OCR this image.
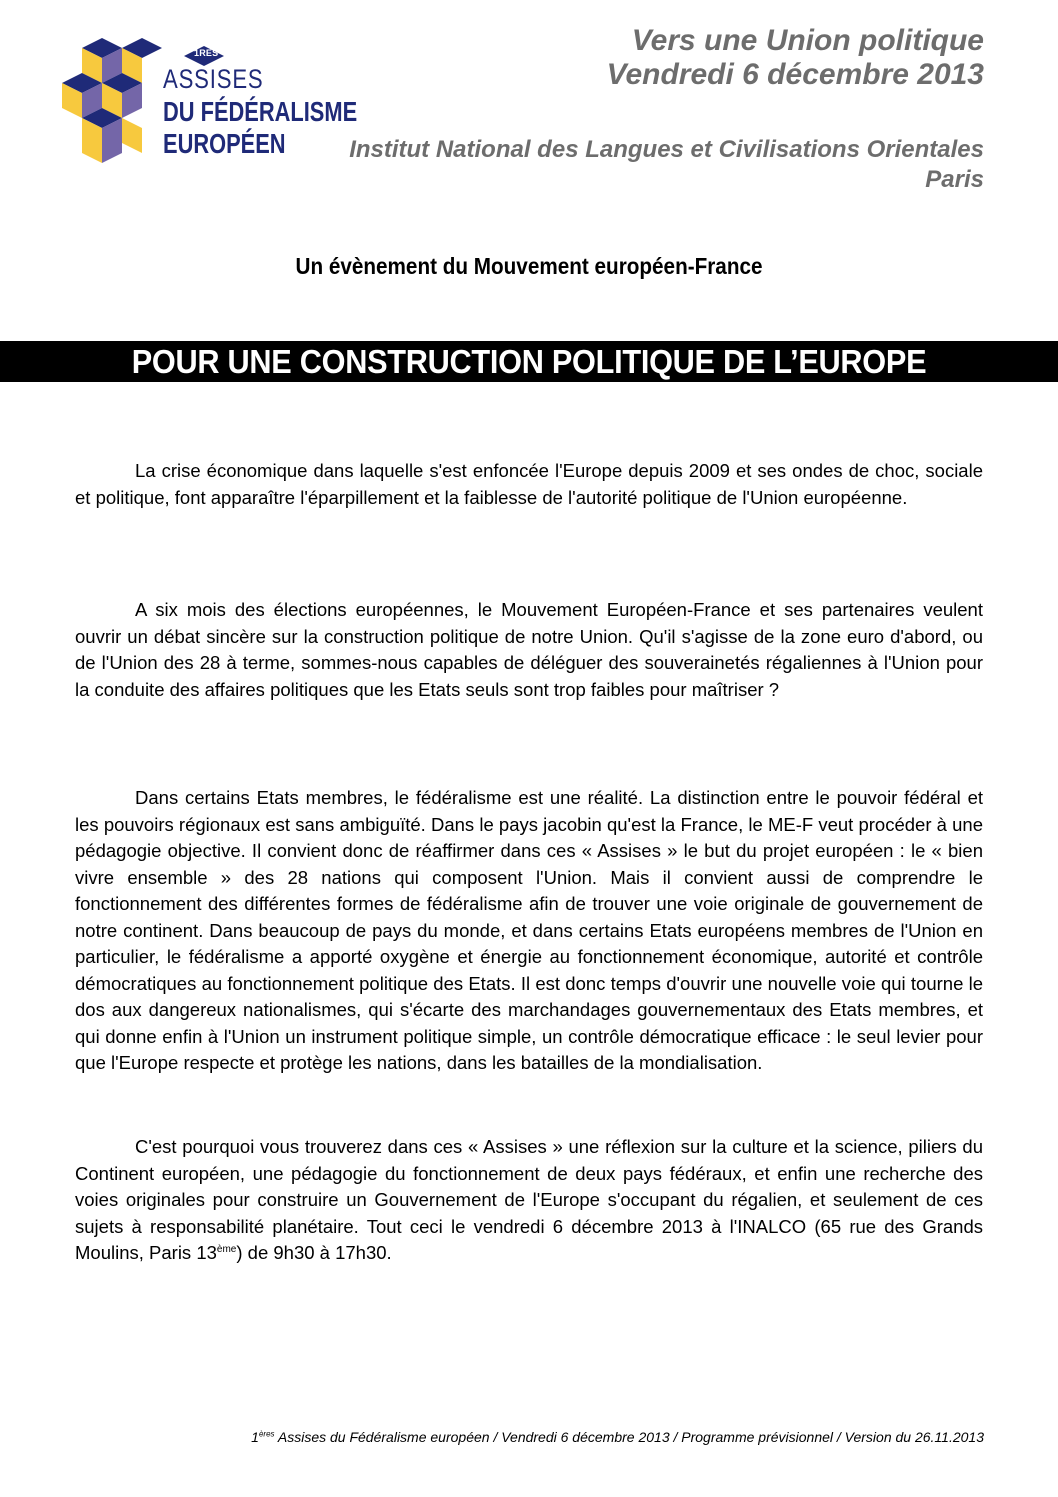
1RES
ASSISES
DU FÉDÉRALISME
EUROPÉEN
Vers une Union politique
Vendredi 6 décembre 2013
Institut National des Langues et Civilisations Orientales
Paris
Un évènement du Mouvement européen-France
POUR UNE CONSTRUCTION POLITIQUE DE L’EUROPE

La crise économique dans laquelle s'est enfoncée l'Europe depuis 2009 et ses ondes de choc, sociale et politique, font apparaître l'éparpillement et la faiblesse de l'autorité politique de l'Union européenne.

A six mois des élections européennes, le Mouvement Européen-France et ses partenaires veulent ouvrir un débat sincère sur la construction politique de notre Union. Qu'il s'agisse de la zone euro d'abord, ou de l'Union des 28 à terme, sommes-nous capables de déléguer des souverainetés régaliennes à l'Union pour la conduite des affaires politiques que les Etats seuls sont trop faibles pour maîtriser ?

Dans certains Etats membres, le fédéralisme est une réalité. La distinction entre le pouvoir fédéral et les pouvoirs régionaux est sans ambiguïté. Dans le pays jacobin qu'est la France, le ME-F veut procéder à une pédagogie objective. Il convient donc de réaffirmer dans ces « Assises » le but du projet européen : le « bien vivre ensemble » des 28 nations qui composent l'Union. Mais il convient aussi de comprendre le fonctionnement des différentes formes de fédéralisme afin de trouver une voie originale de gouvernement de notre continent. Dans beaucoup de pays du monde, et dans certains Etats européens membres de l'Union en particulier, le fédéralisme a apporté oxygène et énergie au fonctionnement économique, autorité et contrôle démocratiques au fonctionnement politique des Etats. Il est donc temps d'ouvrir une nouvelle voie qui tourne le dos aux dangereux nationalismes, qui s'écarte des marchandages gouvernementaux des Etats membres, et qui donne enfin à l'Union un instrument politique simple, un contrôle démocratique efficace : le seul levier pour que l'Europe respecte et protège les nations, dans les batailles de la mondialisation.

C'est pourquoi vous trouverez dans ces « Assises » une réflexion sur la culture et la science, piliers du Continent européen, une pédagogie du fonctionnement de deux pays fédéraux, et enfin une recherche des voies originales pour construire un Gouvernement de l'Europe s'occupant du régalien, et seulement de ces sujets à responsabilité planétaire. Tout ceci le vendredi 6 décembre 2013 à l'INALCO (65 rue des Grands Moulins, Paris 13ème) de 9h30 à 17h30.

1ères Assises du Fédéralisme européen / Vendredi 6 décembre 2013 / Programme prévisionnel / Version du 26.11.2013
